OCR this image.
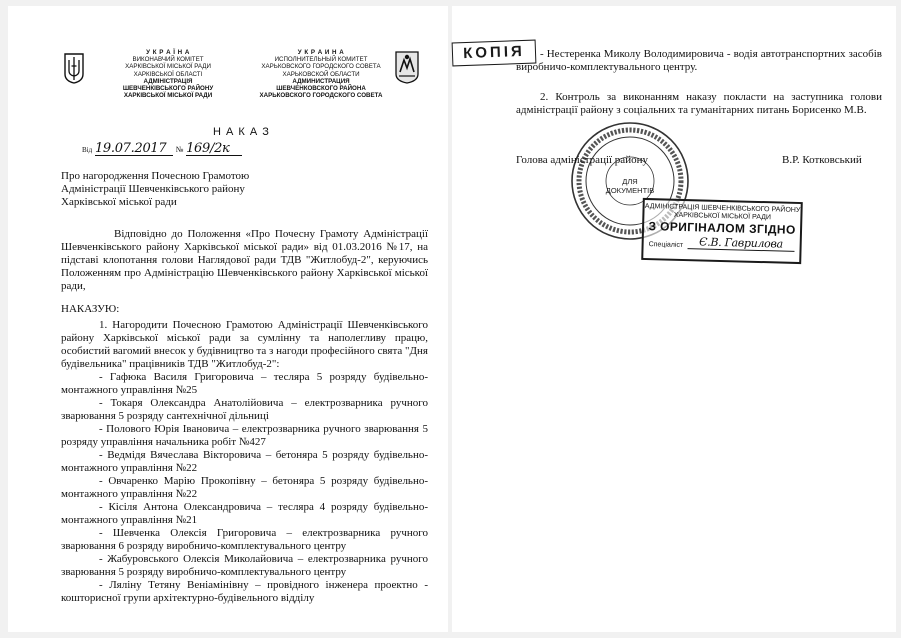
У К Р А Ї Н А
ВИКОНАВЧИЙ КОМІТЕТ
ХАРКІВСЬКОЇ МІСЬКОЇ РАДИ
ХАРКІВСЬКОЇ ОБЛАСТІ
АДМІНІСТРАЦІЯ
ШЕВЧЕНКІВСЬКОГО РАЙОНУ
ХАРКІВСЬКОЇ МІСЬКОЇ РАДИ
У К Р А И Н А
ИСПОЛНИТЕЛЬНЫЙ КОМИТЕТ
ХАРЬКОВСКОГО ГОРОДСКОГО СОВЕТА
ХАРЬКОВСКОЙ ОБЛАСТИ
АДМИНИСТРАЦИЯ
ШЕВЧЕНКОВСКОГО РАЙОНА
ХАРЬКОВСКОГО ГОРОДСКОГО СОВЕТА
Н А К А З
Від 19.07.2017 № 169/2к
Про нагородження Почесною Грамотою
Адміністрації Шевченківського району
Харківської міської ради
Відповідно до Положення «Про Почесну Грамоту Адміністрації Шевченківського району Харківської міської ради» від 01.03.2016 №17, на підставі клопотання голови Наглядової ради ТДВ "Житлобуд-2", керуючись Положенням про Адміністрацію Шевченківського району Харківської міської ради,
НАКАЗУЮ:
1. Нагородити Почесною Грамотою Адміністрації Шевченківського району Харківської міської ради за сумлінну та наполегливу працю, особистий вагомий внесок у будівництво та з нагоди професійного свята "Дня будівельника" працівників ТДВ "Житлобуд-2":
- Гафюка Василя Григоровича – тесляра 5 розряду будівельно-монтажного управління №25
- Токаря Олександра Анатолійовича – електрозварника ручного зварювання 5 розряду сантехнічної дільниці
- Полового Юрія Івановича – електрозварника ручного зварювання 5 розряду управління начальника робіт №427
- Ведмідя Вячеслава Вікторовича – бетоняра 5 розряду будівельно-монтажного управління №22
- Овчаренко Марію Прокопівну – бетоняра 5 розряду будівельно-монтажного управління №22
- Кісіля Антона Олександровича – тесляра 4 розряду будівельно-монтажного управління №21
- Шевченка Олексія Григоровича – електрозварника ручного зварювання 6 розряду виробничо-комплектувального центру
- Жабуровського Олексія Миколайовича – електрозварника ручного зварювання 5 розряду виробничо-комплектувального центру
- Ляліну Тетяну Веніамінівну – провідного інженера проектно - кошторисної групи архітектурно-будівельного відділу
КОПІЯ	- Нестеренка Миколу Володимировича - водія автотранспортних засобів виробничо-комплектувального центру.
2. Контроль за виконанням наказу покласти на заступника голови адміністрації району з соціальних та гуманітарних питань Борисенко М.В.
ДЛЯ
ДОКУМЕНТІВ
Голова адміністрації району	В.Р. Котковський
АДМІНІСТРАЦІЯ ШЕВЧЕНКІВСЬКОГО РАЙОНУ
ХАРКІВСЬКОЇ МІСЬКОЇ РАДИ
З ОРИГІНАЛОМ ЗГІДНО
Спеціаліст	Є.В. Гаврилова
